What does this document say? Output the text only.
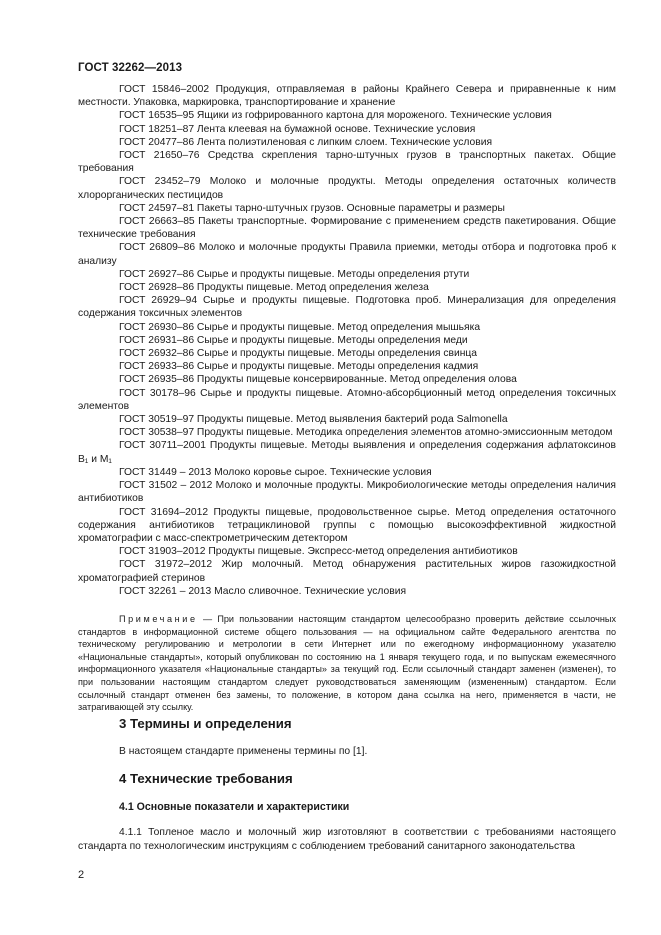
ГОСТ 32262—2013

ГОСТ 15846–2002 Продукция, отправляемая в районы Крайнего Севера и приравненные к ним местности. Упаковка, маркировка, транспортирование и хранение

ГОСТ 16535–95 Ящики из гофрированного картона для мороженого. Технические условия

ГОСТ 18251–87 Лента клеевая на бумажной основе. Технические условия

ГОСТ 20477–86 Лента полиэтиленовая с липким слоем. Технические условия

ГОСТ 21650–76 Средства скрепления тарно-штучных грузов в транспортных пакетах. Общие требования

ГОСТ 23452–79 Молоко и молочные продукты. Методы определения остаточных количеств хлорорганических пестицидов

ГОСТ 24597–81 Пакеты тарно-штучных грузов. Основные параметры и размеры

ГОСТ 26663–85 Пакеты транспортные. Формирование с применением средств пакетирования. Общие технические требования

ГОСТ 26809–86 Молоко и молочные продукты Правила приемки, методы отбора и подготовка проб к анализу

ГОСТ 26927–86 Сырье и продукты пищевые. Методы определения ртути

ГОСТ 26928–86 Продукты пищевые. Метод определения железа

ГОСТ 26929–94 Сырье и продукты пищевые. Подготовка проб. Минерализация для определения содержания токсичных элементов

ГОСТ 26930–86 Сырье и продукты пищевые. Метод определения мышьяка

ГОСТ 26931–86 Сырье и продукты пищевые. Методы определения меди

ГОСТ 26932–86 Сырье и продукты пищевые. Методы определения свинца

ГОСТ 26933–86 Сырье и продукты пищевые. Методы определения кадмия

ГОСТ 26935–86 Продукты пищевые консервированные. Метод определения олова

ГОСТ 30178–96 Сырье и продукты пищевые. Атомно-абсорбционный метод определения токсичных элементов

ГОСТ 30519–97 Продукты пищевые. Метод выявления бактерий рода Salmonella

ГОСТ 30538–97 Продукты пищевые. Методика определения элементов атомно-эмиссионным методом

ГОСТ 30711–2001 Продукты пищевые. Методы выявления и определения содержания афлатоксинов B₁ и M₁

ГОСТ 31449 – 2013 Молоко коровье сырое. Технические условия

ГОСТ 31502 – 2012 Молоко и молочные продукты. Микробиологические методы определения наличия антибиотиков

ГОСТ 31694–2012 Продукты пищевые, продовольственное сырье. Метод определения остаточного содержания антибиотиков тетрациклиновой группы с помощью высокоэффективной жидкостной хроматографии с масс-спектрометрическим детектором

ГОСТ 31903–2012 Продукты пищевые. Экспресс-метод определения антибиотиков

ГОСТ 31972–2012 Жир молочный. Метод обнаружения растительных жиров газожидкостной хроматографией стеринов

ГОСТ 32261 – 2013 Масло сливочное. Технические условия

Примечание — При пользовании настоящим стандартом целесообразно проверить действие ссылочных стандартов в информационной системе общего пользования — на официальном сайте Федерального агентства по техническому регулированию и метрологии в сети Интернет или по ежегодному информационному указателю «Национальные стандарты», который опубликован по состоянию на 1 января текущего года, и по выпускам ежемесячного информационного указателя «Национальные стандарты» за текущий год. Если ссылочный стандарт заменен (изменен), то при пользовании настоящим стандартом следует руководствоваться заменяющим (измененным) стандартом. Если ссылочный стандарт отменен без замены, то положение, в котором дана ссылка на него, применяется в части, не затрагивающей эту ссылку.

3 Термины и определения

В настоящем стандарте применены термины по [1].

4 Технические требования
4.1 Основные показатели и характеристики

4.1.1 Топленое масло и молочный жир изготовляют в соответствии с требованиями настоящего стандарта по технологическим инструкциям с соблюдением требований санитарного законодательства

2
